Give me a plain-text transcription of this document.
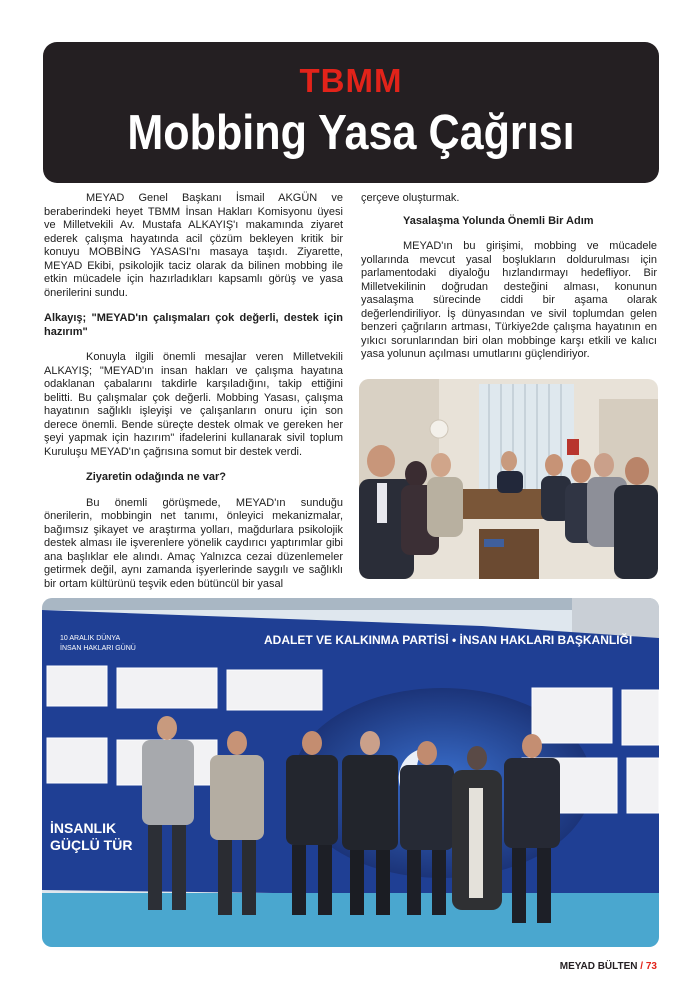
TBMM
Mobbing Yasa Çağrısı

MEYAD Genel Başkanı İsmail AKGÜN ve beraberindeki heyet TBMM İnsan Hakları Komisyonu üyesi ve Milletvekili Av. Mustafa ALKAYIŞ'ı makamında ziyaret ederek çalışma hayatında acil çözüm bekleyen kritik bir konuyu MOBBİNG YASASI'nı masaya taşıdı. Ziyarette, MEYAD Ekibi, psikolojik taciz olarak da bilinen mobbing ile etkin mücadele için hazırladıkları kapsamlı görüş ve yasa önerilerini sundu.

Alkayış; "MEYAD'ın çalışmaları çok değerli, destek için hazırım"

Konuyla ilgili önemli mesajlar veren Milletvekili ALKAYIŞ; "MEYAD'ın insan hakları ve çalışma hayatına odaklanan çabalarını takdirle karşıladığını, takip ettiğini belitti. Bu çalışmalar çok değerli. Mobbing Yasası, çalışma hayatının sağlıklı işleyişi ve çalışanların onuru için son derece önemli. Bende süreçte destek olmak ve gereken her şeyi yapmak için hazırım" ifadelerini kullanarak sivil toplum Kuruluşu MEYAD'ın çağrısına somut bir destek verdi.

Ziyaretin odağında ne var?

Bu önemli görüşmede, MEYAD'ın sunduğu önerilerin, mobbingin net tanımı, önleyici mekanizmalar, bağımsız şikayet ve araştırma yolları, mağdurlara psikolojik destek alması ile işverenlere yönelik caydırıcı yaptırımlar gibi ana başlıklar ele alındı. Amaç Yalnızca cezai düzenlemeler getirmek değil, aynı zamanda işyerlerinde saygılı ve sağlıklı bir ortam kültürünü teşvik eden bütüncül bir yasal

çerçeve oluşturmak.

Yasalaşma Yolunda Önemli Bir Adım

MEYAD'ın bu girişimi, mobbing ve mücadele yollarında mevcut yasal boşlukların doldurulması için parlamentodaki diyaloğu hızlandırmayı hedefliyor. Bir Milletvekilinin doğrudan desteğini alması, konunun yasalaşma sürecinde ciddi bir aşama olarak değerlendiriliyor. İş dünyasından ve sivil toplumdan gelen benzeri çağrıların artması, Türkiye2de çalışma hayatının en yıkıcı sorunlarından biri olan mobbinge karşı etkili ve kalıcı yasa yolunun açılması umutlarını güçlendiriyor.

10 ARALIK DÜNYA
İNSAN HAKLARI GÜNÜ
ADALET VE KALKINMA PARTİSİ • İNSAN HAKLARI BAŞKANLIĞI
İNSANLIK
GÜÇLÜ TÜR
MEYAD BÜLTEN / 73
